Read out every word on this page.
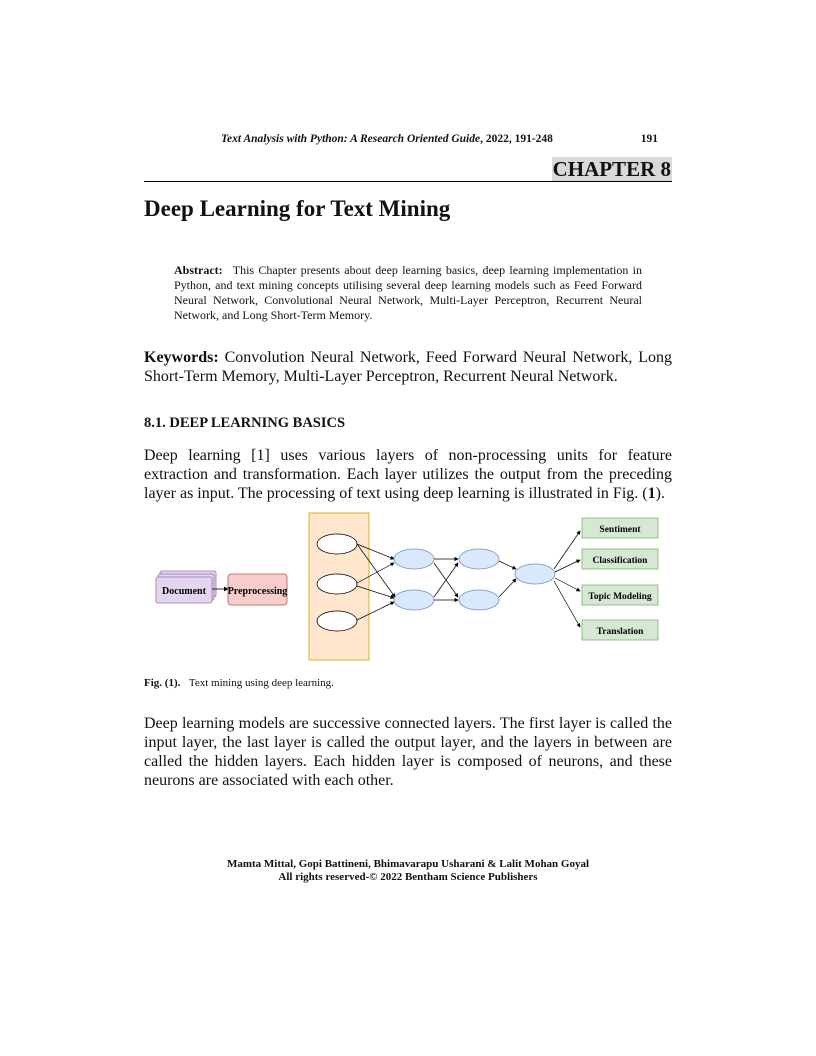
Text Analysis with Python: A Research Oriented Guide, 2022, 191-248	191
CHAPTER 8
Deep Learning for Text Mining
Abstract: This Chapter presents about deep learning basics, deep learning implementation in Python, and text mining concepts utilising several deep learning models such as Feed Forward Neural Network, Convolutional Neural Network, Multi-Layer Perceptron, Recurrent Neural Network, and Long Short-Term Memory.
Keywords: Convolution Neural Network, Feed Forward Neural Network, Long Short-Term Memory, Multi-Layer Perceptron, Recurrent Neural Network.
8.1. DEEP LEARNING BASICS
Deep learning [1] uses various layers of non-processing units for feature extraction and transformation. Each layer utilizes the output from the preceding layer as input. The processing of text using deep learning is illustrated in Fig. (1).
Document Preprocessing
Sentiment
Classification
Topic Modeling
Translation
Fig. (1). Text mining using deep learning.
Deep learning models are successive connected layers. The first layer is called the input layer, the last layer is called the output layer, and the layers in between are called the hidden layers. Each hidden layer is composed of neurons, and these neurons are associated with each other.
Mamta Mittal, Gopi Battineni, Bhimavarapu Usharani & Lalit Mohan Goyal
All rights reserved-© 2022 Bentham Science Publishers
